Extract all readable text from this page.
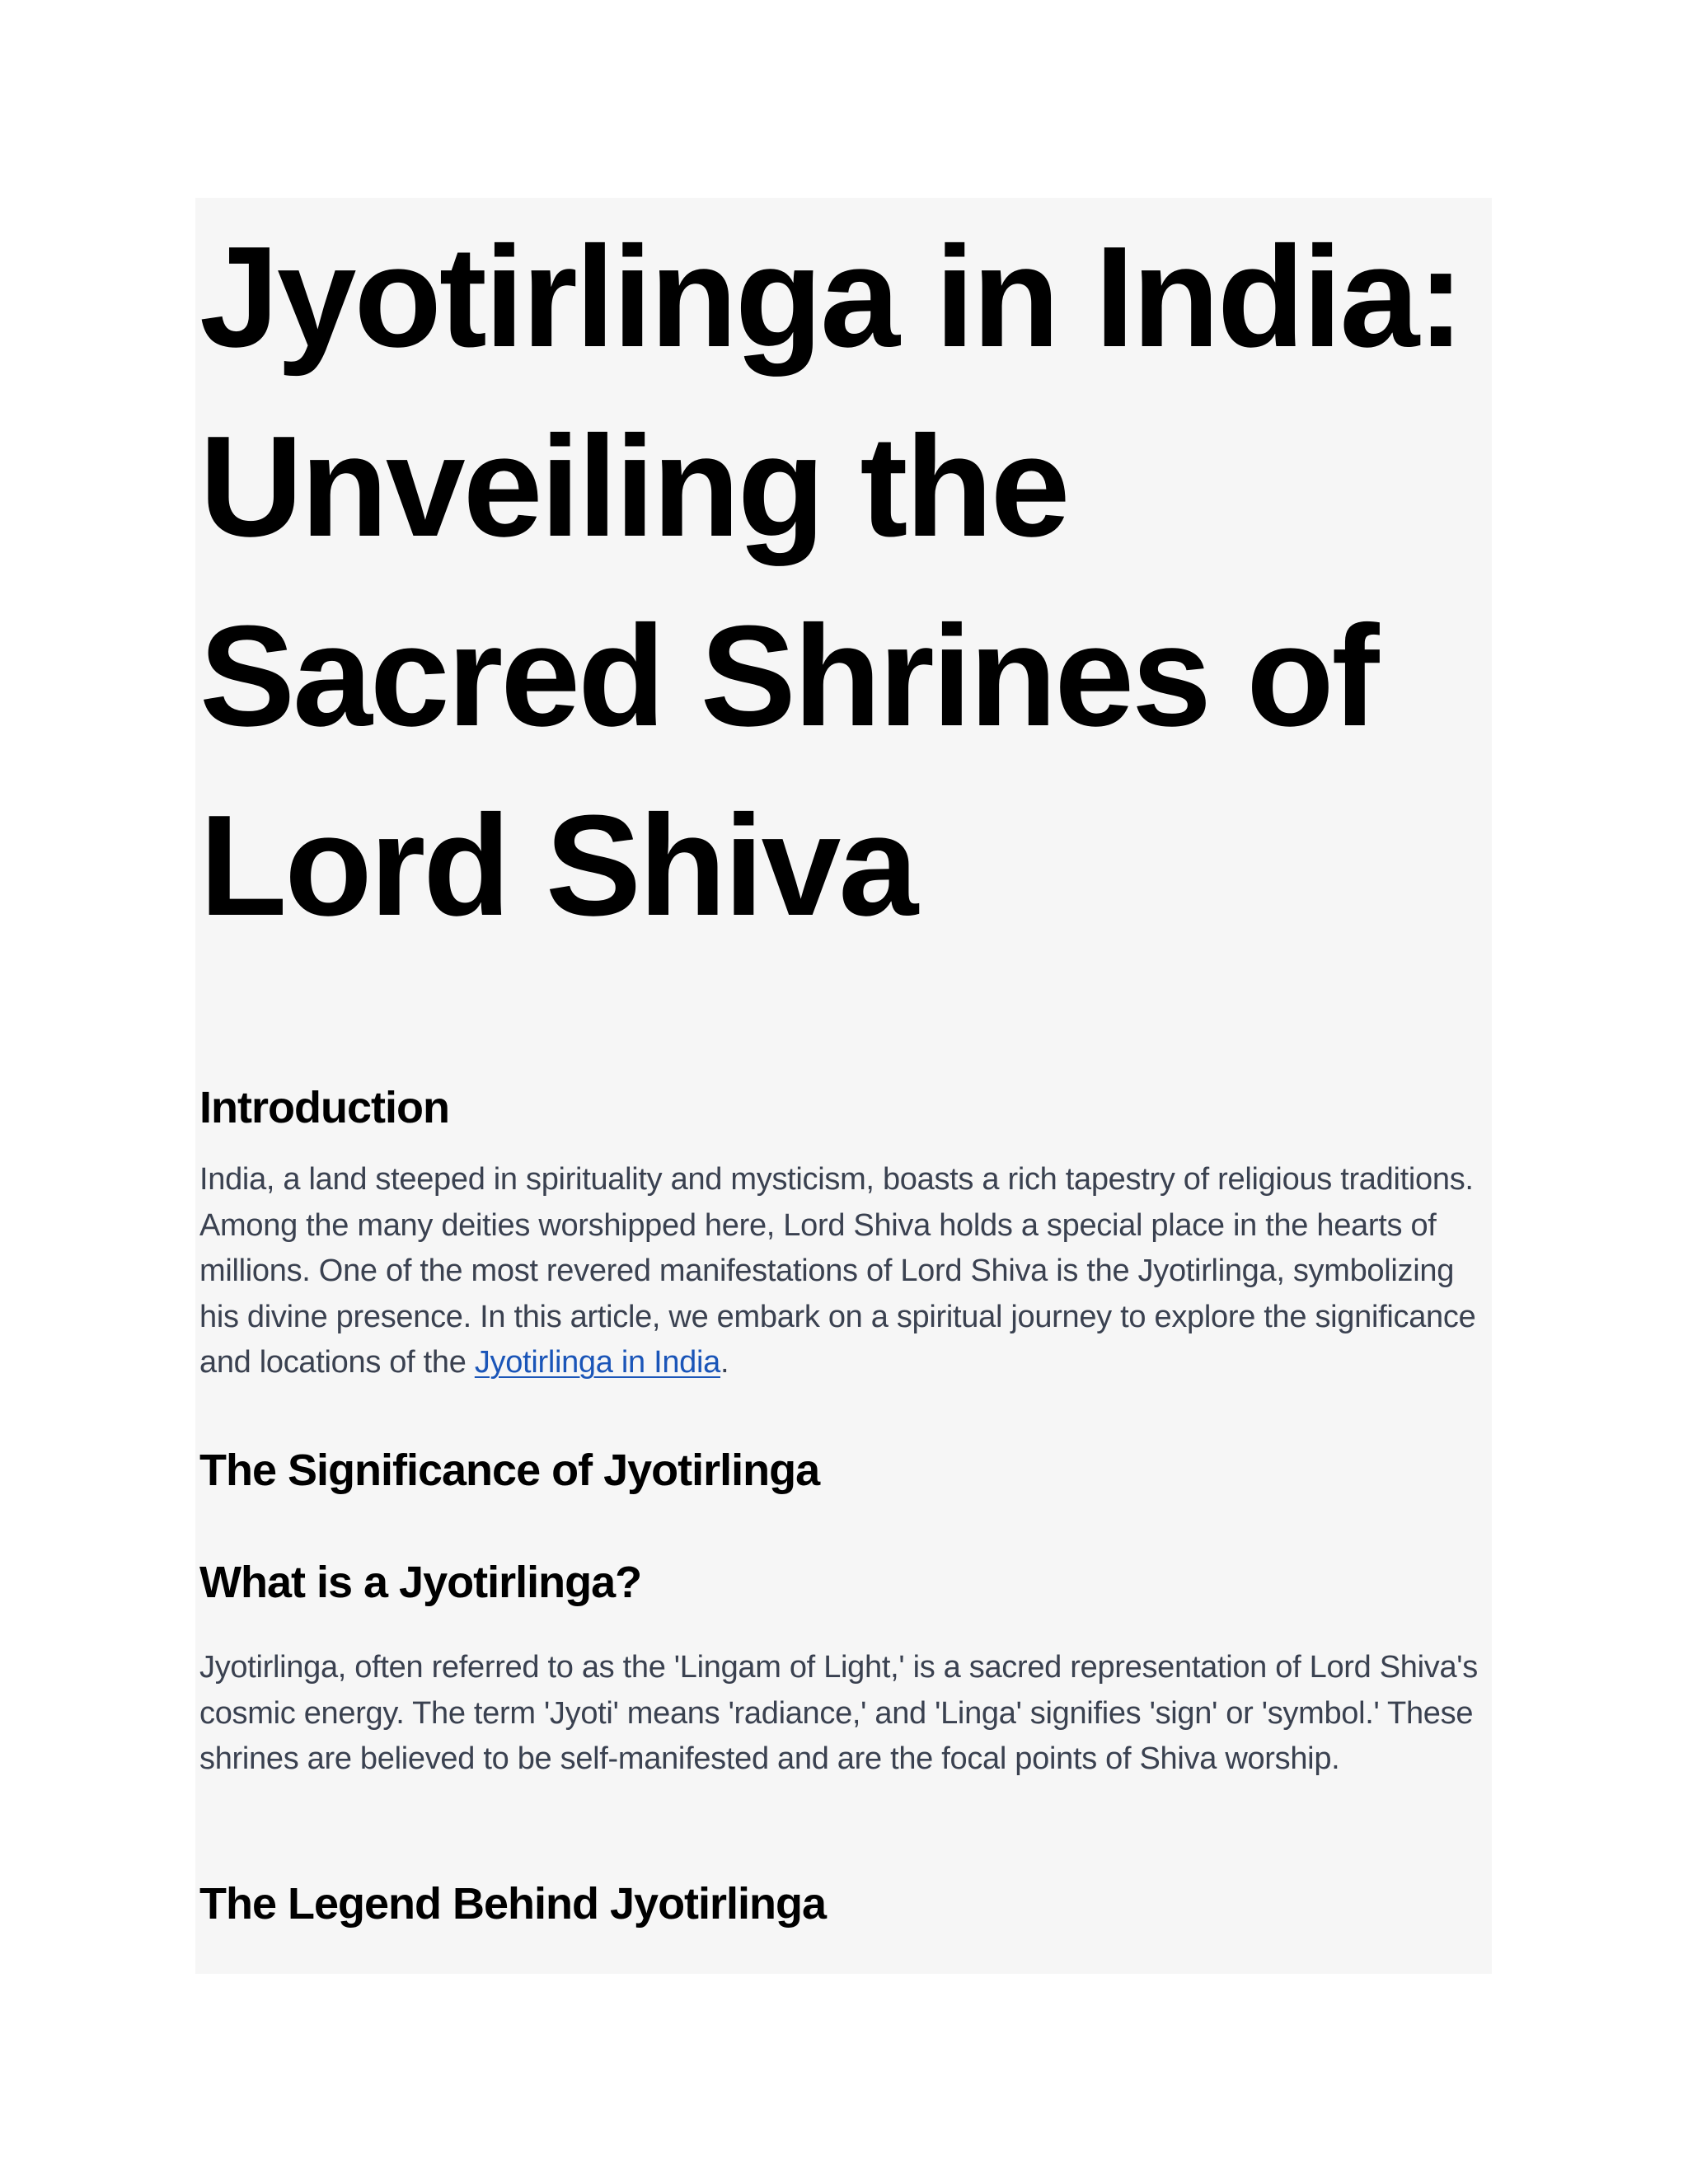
Jyotirlinga in India: Unveiling the Sacred Shrines of Lord Shiva
Introduction

India, a land steeped in spirituality and mysticism, boasts a rich tapestry of religious traditions. Among the many deities worshipped here, Lord Shiva holds a special place in the hearts of millions. One of the most revered manifestations of Lord Shiva is the Jyotirlinga, symbolizing his divine presence. In this article, we embark on a spiritual journey to explore the significance and locations of the Jyotirlinga in India.

The Significance of Jyotirlinga
What is a Jyotirlinga?

Jyotirlinga, often referred to as the 'Lingam of Light,' is a sacred representation of Lord Shiva's cosmic energy. The term 'Jyoti' means 'radiance,' and 'Linga' signifies 'sign' or 'symbol.' These shrines are believed to be self-manifested and are the focal points of Shiva worship.

The Legend Behind Jyotirlinga
